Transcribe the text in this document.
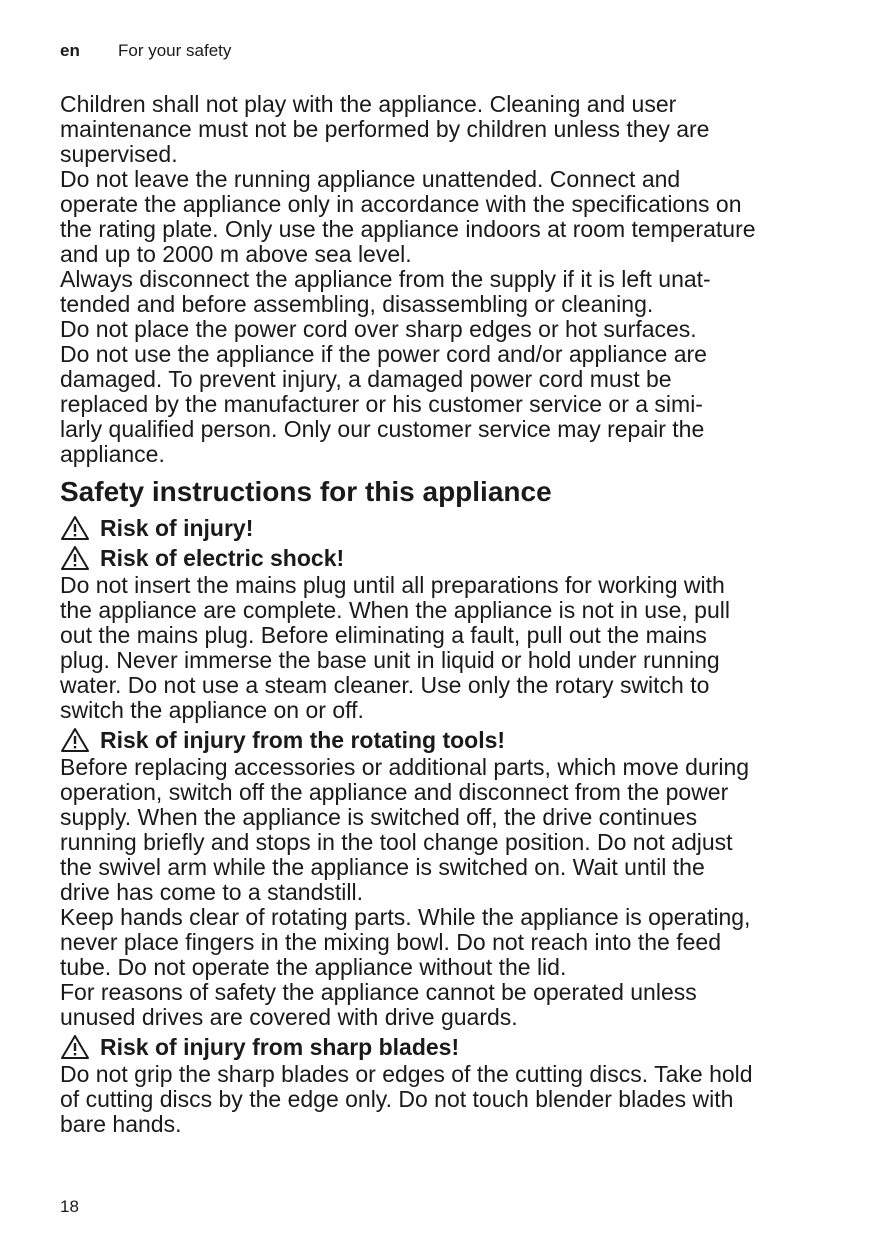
en For your safety

Children shall not play with the appliance. Cleaning and user
maintenance must not be performed by children unless they are
supervised.

Do not leave the running appliance unattended. Connect and
operate the appliance only in accordance with the specifications on
the rating plate. Only use the appliance indoors at room temperature
and up to 2000 m above sea level.

Always disconnect the appliance from the supply if it is left unat-
tended and before assembling, disassembling or cleaning.

Do not place the power cord over sharp edges or hot surfaces.

Do not use the appliance if the power cord and/or appliance are
damaged. To prevent injury, a damaged power cord must be
replaced by the manufacturer or his customer service or a simi-
larly qualified person. Only our customer service may repair the
appliance.

Safety instructions for this appliance
Risk of injury!
Risk of electric shock!

Do not insert the mains plug until all preparations for working with
the appliance are complete. When the appliance is not in use, pull
out the mains plug. Before eliminating a fault, pull out the mains
plug. Never immerse the base unit in liquid or hold under running
water. Do not use a steam cleaner. Use only the rotary switch to
switch the appliance on or off.

Risk of injury from the rotating tools!

Before replacing accessories or additional parts, which move during
operation, switch off the appliance and disconnect from the power
supply. When the appliance is switched off, the drive continues
running briefly and stops in the tool change position. Do not adjust
the swivel arm while the appliance is switched on. Wait until the
drive has come to a standstill.

Keep hands clear of rotating parts. While the appliance is operating,
never place fingers in the mixing bowl. Do not reach into the feed
tube. Do not operate the appliance without the lid.

For reasons of safety the appliance cannot be operated unless
unused drives are covered with drive guards.

Risk of injury from sharp blades!

Do not grip the sharp blades or edges of the cutting discs. Take hold
of cutting discs by the edge only. Do not touch blender blades with
bare hands.

18
